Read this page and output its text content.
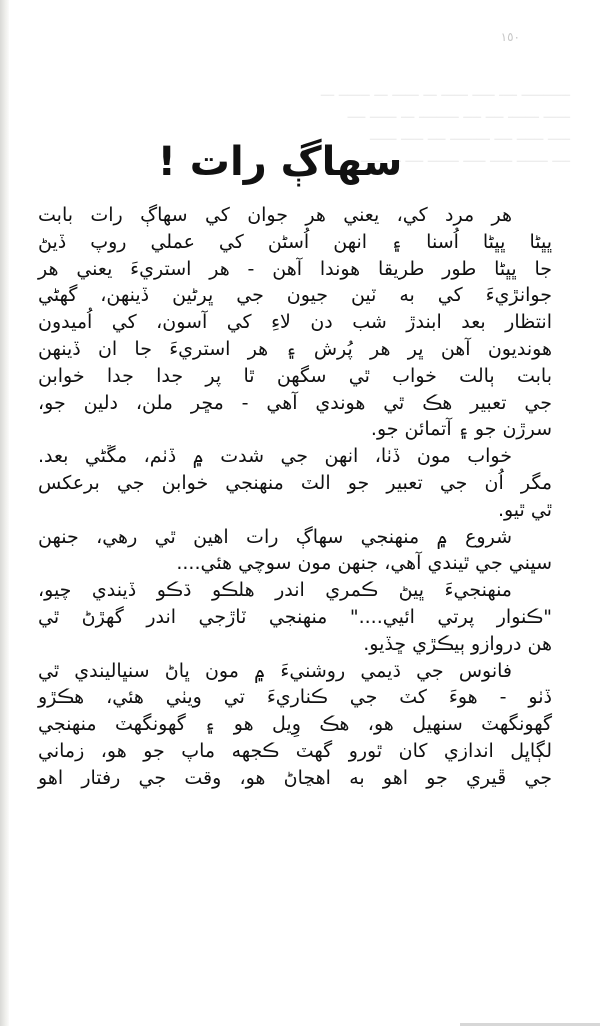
ـــــــــــ ــــ ـــــ ــــــ ـــ ــــــ ـــ ـــــــ ـــ
ــــــ ـــــــ ــــ ــــ ـــــــــ ـــ ــــــ ــــ
ـــــ ــــــ ــــ ـــــــــ ــــ ـــــ ــــــ
ــــ ـــــــ ـــــ ـــــ ـــــــ ــــ ـــ ـــــ
١٥٠
سهاڳ رات !
هر مرد کي، يعني هر جوان کي سهاڳ رات بابت
ڀڀڻا ڀڀڻا اُسنا ۽ انهن اُسڻن کي عملي روپ ڏيڻ
جا ڀڀڻا طور طريقا هوندا آهن - هر استريءَ يعني هر
جوانڙيءَ کي به ٽين جيون جي ڀرڻين ڏينهن، گهڻي
انتظار بعد ابندڙ شب دن لاءِ کي آسون، کي اُميدون
هونديون آهن ڀر هر پُرش ۽ هر استريءَ جا ان ڏينهن
بابت ٻالت خواب ٿي سگهن ٿا پر جدا جدا خوابن
جي تعبير هڪ ٿي هوندي آهي - مڇر ملن، دلين جو،
سرڙن جو ۽ آتمائن جو.
خواب مون ڏٺا، انهن جي شدت ۾ ڏٺم، مڱڻي بعد.
مگر اُن جي تعبير جو الٽ منهنجي خوابن جي برعکس
ٿي ٿيو.
شروع ۾ منهنجي سهاڳ رات اهين ٿي رهي، جنهن
سڀني جي ٿيندي آهي، جنهن مون سوچي هئي....
منهنجيءَ ڀيڻ ڪمري اندر هلڪو ڌڪو ڏيندي چيو،
"ڪنوار پرتي ائيي...." منهنجي ٽاڙجي اندر گهڙڻ ٿي
هن دروازو ٻيڪڙي ڇڏيو.
فانوس جي ڌيمي روشنيءَ ۾ مون ڀاڻ سنڀاليندي ٿي
ڏٺو - هوءَ کٽ جي ڪناريءَ تي ويٺي هئي، هڪڙو
گهونگهٽ سنهيل هو، هڪ وِيل هو ۽ گهونگهٽ منهنجي
لڳاڀل اندازي کان ٿورو گهٽ ڪجهه ماپ جو هو، زماني
جي ڦيري جو اهو به اهڃاڻ هو، وقت جي رفتار اهو
